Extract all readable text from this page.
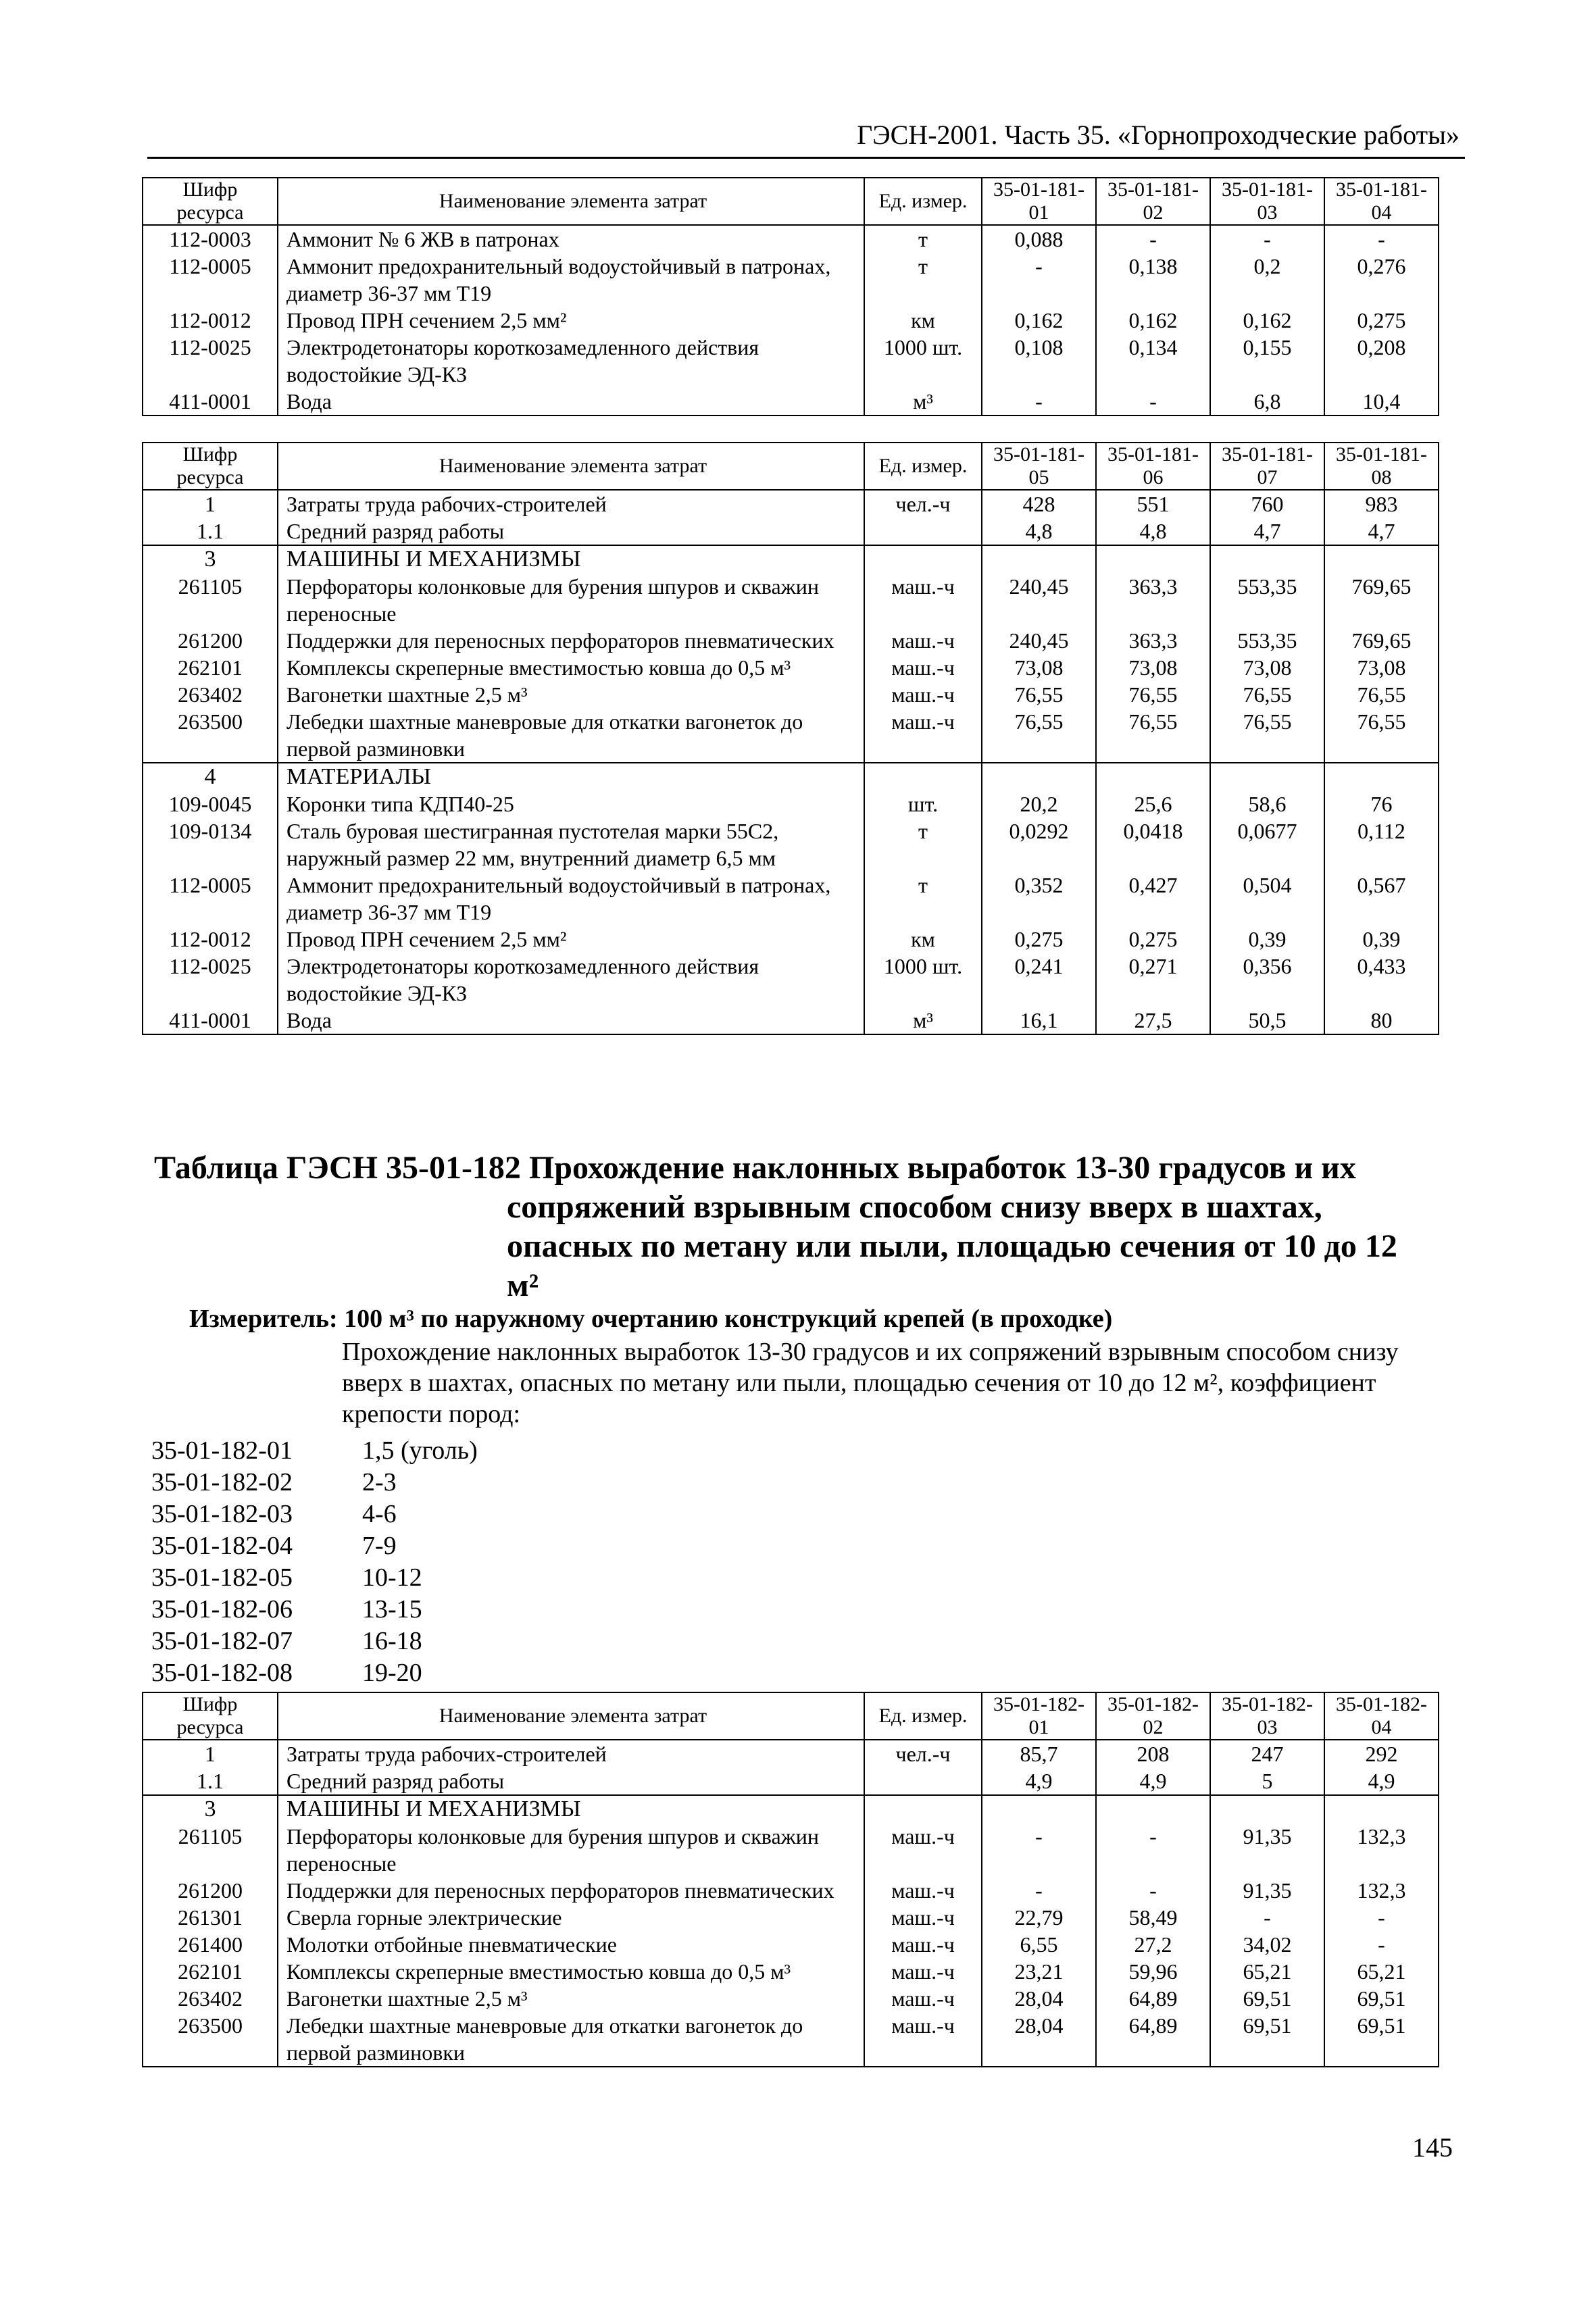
ГЭСН-2001. Часть 35. «Горнопроходческие работы»
Шифр ресурса	Наименование элемента затрат	Ед. измер.	35-01-181-01	35-01-181-02	35-01-181-03	35-01-181-04
112-0003	Аммонит № 6 ЖВ в патронах	т	0,088	-	-	-
112-0005	Аммонит предохранительный водоустойчивый в патронах, диаметр 36-37 мм Т19	т	-	0,138	0,2	0,276
112-0012	Провод ПРН сечением 2,5 мм²	км	0,162	0,162	0,162	0,275
112-0025	Электродетонаторы короткозамедленного действия водостойкие ЭД-КЗ	1000 шт.	0,108	0,134	0,155	0,208
411-0001	Вода	м³	-	-	6,8	10,4
Шифр ресурса	Наименование элемента затрат	Ед. измер.	35-01-181-05	35-01-181-06	35-01-181-07	35-01-181-08
1	Затраты труда рабочих-строителей	чел.-ч	428	551	760	983
1.1	Средний разряд работы		4,8	4,8	4,7	4,7
3	МАШИНЫ И МЕХАНИЗМЫ					
261105	Перфораторы колонковые для бурения шпуров и скважин переносные	маш.-ч	240,45	363,3	553,35	769,65
261200	Поддержки для переносных перфораторов пневматических	маш.-ч	240,45	363,3	553,35	769,65
262101	Комплексы скреперные вместимостью ковша до 0,5 м³	маш.-ч	73,08	73,08	73,08	73,08
263402	Вагонетки шахтные 2,5 м³	маш.-ч	76,55	76,55	76,55	76,55
263500	Лебедки шахтные маневровые для откатки вагонеток до первой разминовки	маш.-ч	76,55	76,55	76,55	76,55
4	МАТЕРИАЛЫ					
109-0045	Коронки типа КДП40-25	шт.	20,2	25,6	58,6	76
109-0134	Сталь буровая шестигранная пустотелая марки 55С2, наружный размер 22 мм, внутренний диаметр 6,5 мм	т	0,0292	0,0418	0,0677	0,112
112-0005	Аммонит предохранительный водоустойчивый в патронах, диаметр 36-37 мм Т19	т	0,352	0,427	0,504	0,567
112-0012	Провод ПРН сечением 2,5 мм²	км	0,275	0,275	0,39	0,39
112-0025	Электродетонаторы короткозамедленного действия водостойкие ЭД-КЗ	1000 шт.	0,241	0,271	0,356	0,433
411-0001	Вода	м³	16,1	27,5	50,5	80
Таблица ГЭСН 35-01-182 Прохождение наклонных выработок 13-30 градусов и их
сопряжений взрывным способом снизу вверх в шахтах,
опасных по метану или пыли, площадью сечения от 10 до 12
м²
Измеритель: 100 м³ по наружному очертанию конструкций крепей (в проходке)
Прохождение наклонных выработок 13-30 градусов и их сопряжений взрывным способом снизу вверх в шахтах, опасных по метану или пыли, площадью сечения от 10 до 12 м², коэффициент крепости пород:
35-01-182-01	1,5 (уголь)
35-01-182-02	2-3
35-01-182-03	4-6
35-01-182-04	7-9
35-01-182-05	10-12
35-01-182-06	13-15
35-01-182-07	16-18
35-01-182-08	19-20
Шифр ресурса	Наименование элемента затрат	Ед. измер.	35-01-182-01	35-01-182-02	35-01-182-03	35-01-182-04
1	Затраты труда рабочих-строителей	чел.-ч	85,7	208	247	292
1.1	Средний разряд работы		4,9	4,9	5	4,9
3	МАШИНЫ И МЕХАНИЗМЫ					
261105	Перфораторы колонковые для бурения шпуров и скважин переносные	маш.-ч	-	-	91,35	132,3
261200	Поддержки для переносных перфораторов пневматических	маш.-ч	-	-	91,35	132,3
261301	Сверла горные электрические	маш.-ч	22,79	58,49	-	-
261400	Молотки отбойные пневматические	маш.-ч	6,55	27,2	34,02	-
262101	Комплексы скреперные вместимостью ковша до 0,5 м³	маш.-ч	23,21	59,96	65,21	65,21
263402	Вагонетки шахтные 2,5 м³	маш.-ч	28,04	64,89	69,51	69,51
263500	Лебедки шахтные маневровые для откатки вагонеток до первой разминовки	маш.-ч	28,04	64,89	69,51	69,51
145
